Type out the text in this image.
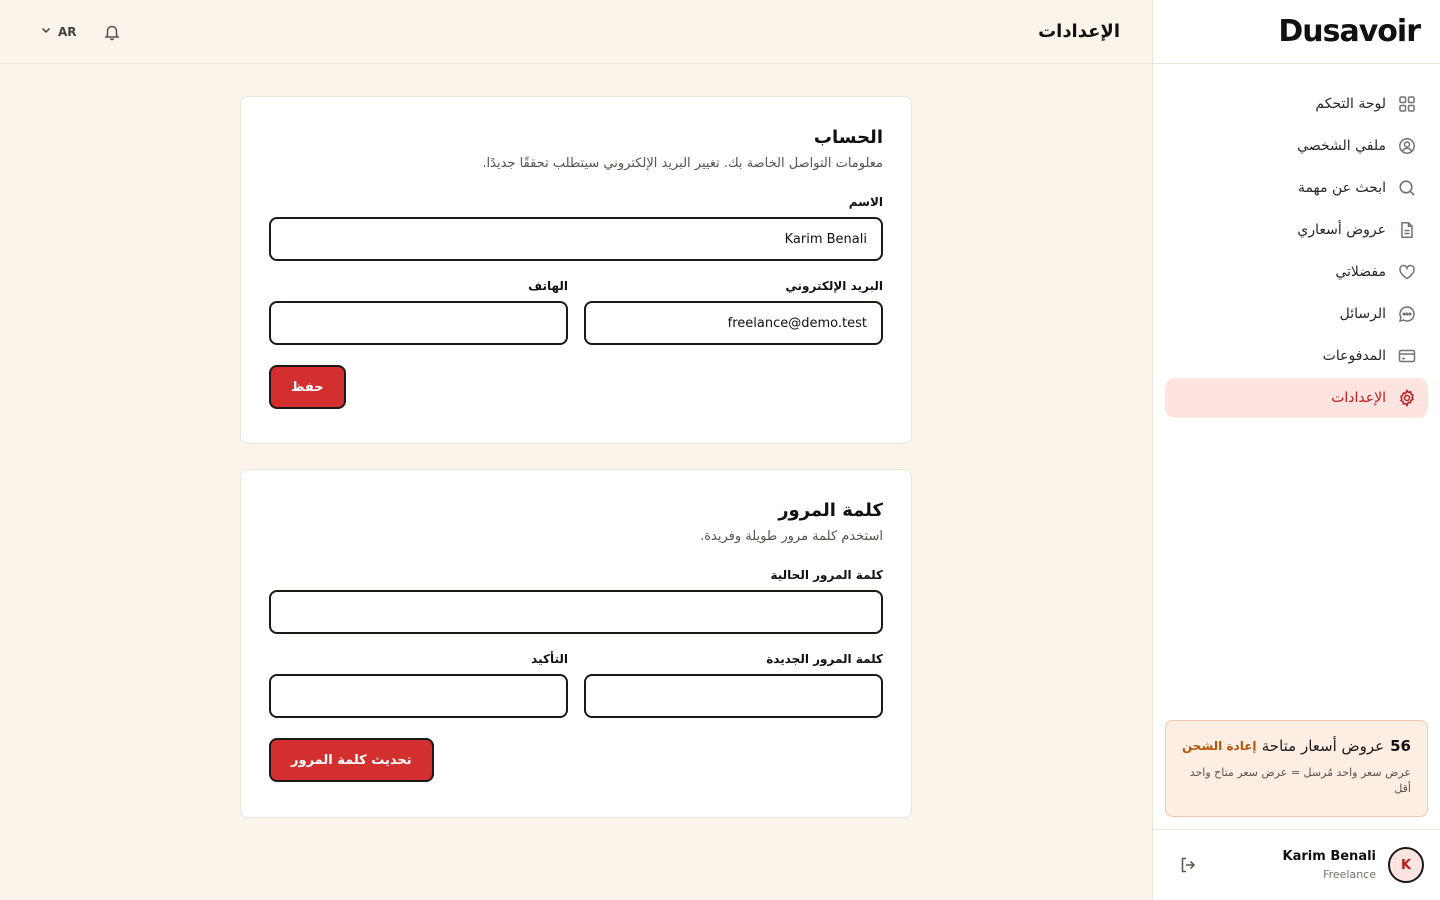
Dusavoir
لوحة التحكم
ملفي الشخصي
ابحث عن مهمة
عروض أسعاري
مفضلاتي
الرسائل
المدفوعات
الإعدادات
56
عروض أسعار متاحة
إعادة الشحن
عرض سعر واحد مُرسل = عرض سعر متاح واحد أقل
K
Karim Benali
Freelance
الإعدادات
AR
الحساب

معلومات التواصل الخاصة بك. تغيير البريد الإلكتروني سيتطلب تحققًا جديدًا.

الاسم
Karim Benali
البريد الإلكتروني
freelance@demo.test
الهاتف
حفظ
كلمة المرور

استخدم كلمة مرور طويلة وفريدة.

كلمة المرور الحالية
كلمة المرور الجديدة
التأكيد
تحديث كلمة المرور
